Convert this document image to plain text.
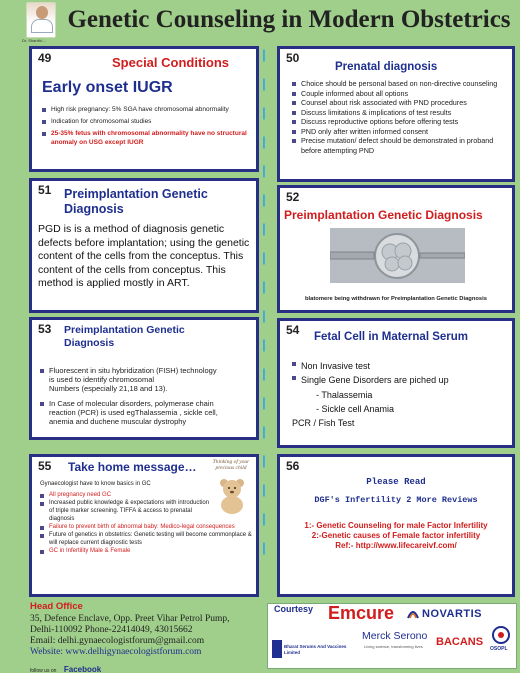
Dr. Shanthi....
Genetic Counseling in Modern Obstetrics
|
|
|
|
|
|
|
|
|
|
|
|
|
|
|
|
|
|
49	Special Conditions
Early onset IUGR
High risk pregnancy: 5% SGA have chromosomal abnormality
Indication for chromosomal studies
25-35% fetus with chromosomal abnormality have no structural anomaly on USG except IUGR
50
Prenatal diagnosis
Choice should be personal based on non-directive counseling
Couple informed about all options
Counsel about risk associated with PND procedures
Discuss limitations & implications of test results
Discuss reproductive options before offering tests
PND only after written informed consent
Precise mutation/ defect should be demonstrated in proband before attempting PND
51 Preimplantation Genetic
Diagnosis
PGD is is a method of diagnosis genetic defects before implantation; using the genetic content of the cells from the conceptus. This content of the cells from conceptus. This method is applied mostly in ART.
52
Preimplantation Genetic Diagnosis
blatomere being withdrawn for Preimplantation Genetic Diagnosis
53 Preimplantation Genetic
Diagnosis
Fluorescent in situ hybridization (FISH) technology is used to identify chromosomal
Numbers (especially 21,18 and 13).
In Case of molecular disorders, polymerase chain reaction (PCR) is used egThalassemia , sickle cell, anemia and duchene muscular dystrophy
54 Fetal Cell in Maternal Serum
Non Invasive test
Single Gene Disorders are piched up
- Thalassemia
- Sickle cell Anamia
PCR / Fish Test
55 Take home message…	Thinking of your precious child
Gynaecologist have to know basics in GC
All pregnancy need GC
Increased public knowledge & expectations with introduction of triple marker screening. TIFFA & access to prenatal diagnosis
Failure to prevent birth of abnormal baby: Medico-legal consequences
Future of genetics in obstetrics: Genetic testing will become commonplace & will replace current diagnostic tests
GC in Infertility Male & Female
56
Please Read
DGF's Infertility 2 More Reviews
1:- Genetic Counseling for male Factor Infertility
2:-Genetic causes of Female factor infertility
Ref:- http://www.lifecareivf.com/
Head Office
35, Defence Enclave, Opp. Preet Vihar Petrol Pump,
Delhi-110092 Phone-22414049, 43015662
Email: delhi.gynaecologistforum@gmail.com
Website: www.delhigynaecologistforum.com
follow us on Facebook
Courtesy Emcure	NOVARTIS
Bharat Serums And Vaccines Limited
Merck Serono
Living science, transforming lives BACANS
OSOPL
